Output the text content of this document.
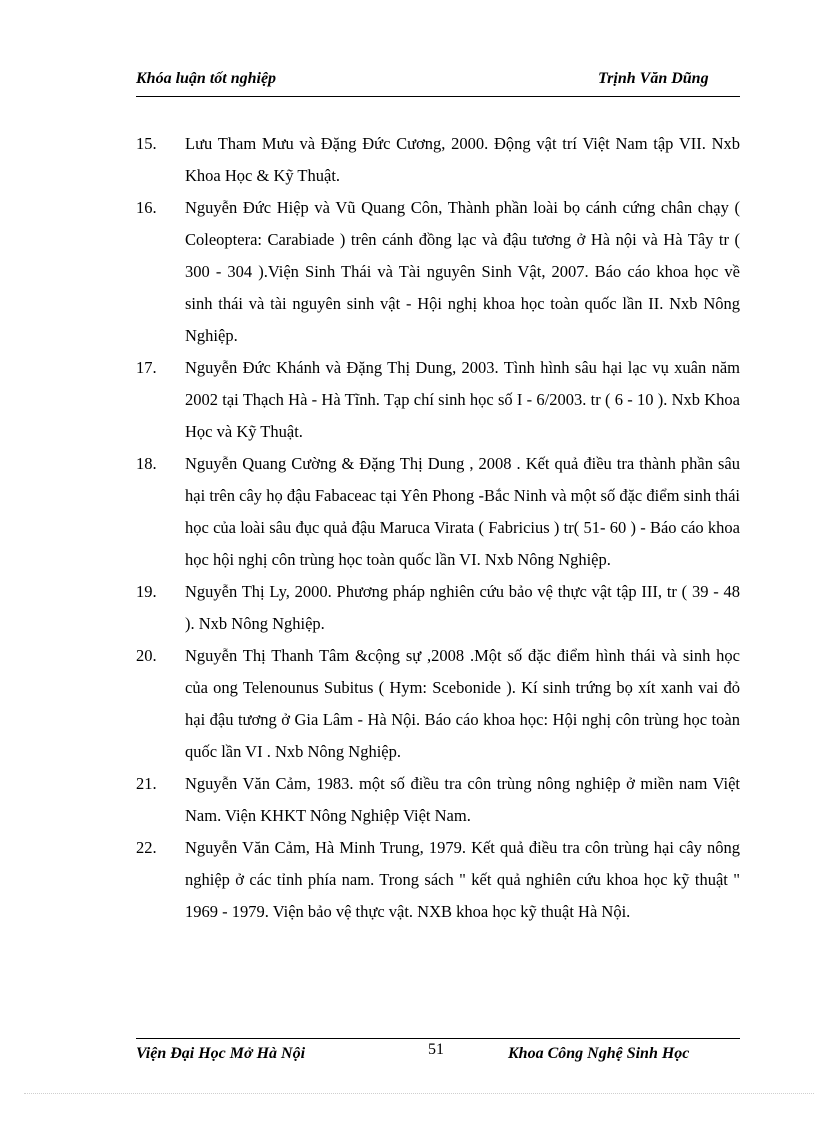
Khóa luận tốt nghiệp	Trịnh Văn Dũng
15. Lưu Tham Mưu và Đặng Đức Cương, 2000. Động vật trí Việt Nam tập VII. Nxb Khoa Học & Kỹ Thuật.
16. Nguyễn Đức Hiệp và Vũ Quang Côn, Thành phần loài bọ cánh cứng chân chạy ( Coleoptera: Carabiade ) trên cánh đồng lạc và đậu tương ở Hà nội và Hà Tây tr ( 300 - 304 ).Viện Sinh Thái và Tài nguyên Sinh Vật, 2007. Báo cáo khoa học về sinh thái và tài nguyên sinh vật - Hội nghị khoa học toàn quốc lần II. Nxb Nông Nghiệp.
17. Nguyễn Đức Khánh và Đặng Thị Dung, 2003. Tình hình sâu hại lạc vụ xuân năm 2002 tại Thạch Hà - Hà Tĩnh. Tạp chí sinh học số I - 6/2003. tr ( 6 - 10 ). Nxb Khoa Học và Kỹ Thuật.
18. Nguyễn Quang Cường & Đặng Thị Dung , 2008 . Kết quả điều tra thành phần sâu hại trên cây họ đậu Fabaceac tại Yên Phong -Bắc Ninh và một số đặc điểm sinh thái học của loài sâu đục quả đậu Maruca Virata ( Fabricius ) tr( 51- 60 ) - Báo cáo khoa học hội nghị côn trùng học toàn quốc lần VI. Nxb Nông Nghiệp.
19. Nguyễn Thị Ly, 2000. Phương pháp nghiên cứu bảo vệ thực vật tập III, tr ( 39 - 48 ). Nxb Nông Nghiệp.
20. Nguyễn Thị Thanh Tâm &cộng sự ,2008 .Một số đặc điểm hình thái và sinh học của ong Telenounus Subitus ( Hym: Scebonide ). Kí sinh trứng bọ xít xanh vai đỏ hại đậu tương ở Gia Lâm - Hà Nội. Báo cáo khoa học: Hội nghị côn trùng học toàn quốc lần VI . Nxb Nông Nghiệp.
21. Nguyễn Văn Cảm, 1983. một số điều tra côn trùng nông nghiệp ở miền nam Việt Nam. Viện KHKT Nông Nghiệp Việt Nam.
22. Nguyễn Văn Cảm, Hà Minh Trung, 1979. Kết quả điều tra côn trùng hại cây nông nghiệp ở các tỉnh phía nam. Trong sách " kết quả nghiên cứu khoa học kỹ thuật " 1969 - 1979. Viện bảo vệ thực vật. NXB khoa học kỹ thuật Hà Nội.
Viện Đại Học Mở Hà Nội	51	Khoa Công Nghệ Sinh Học
